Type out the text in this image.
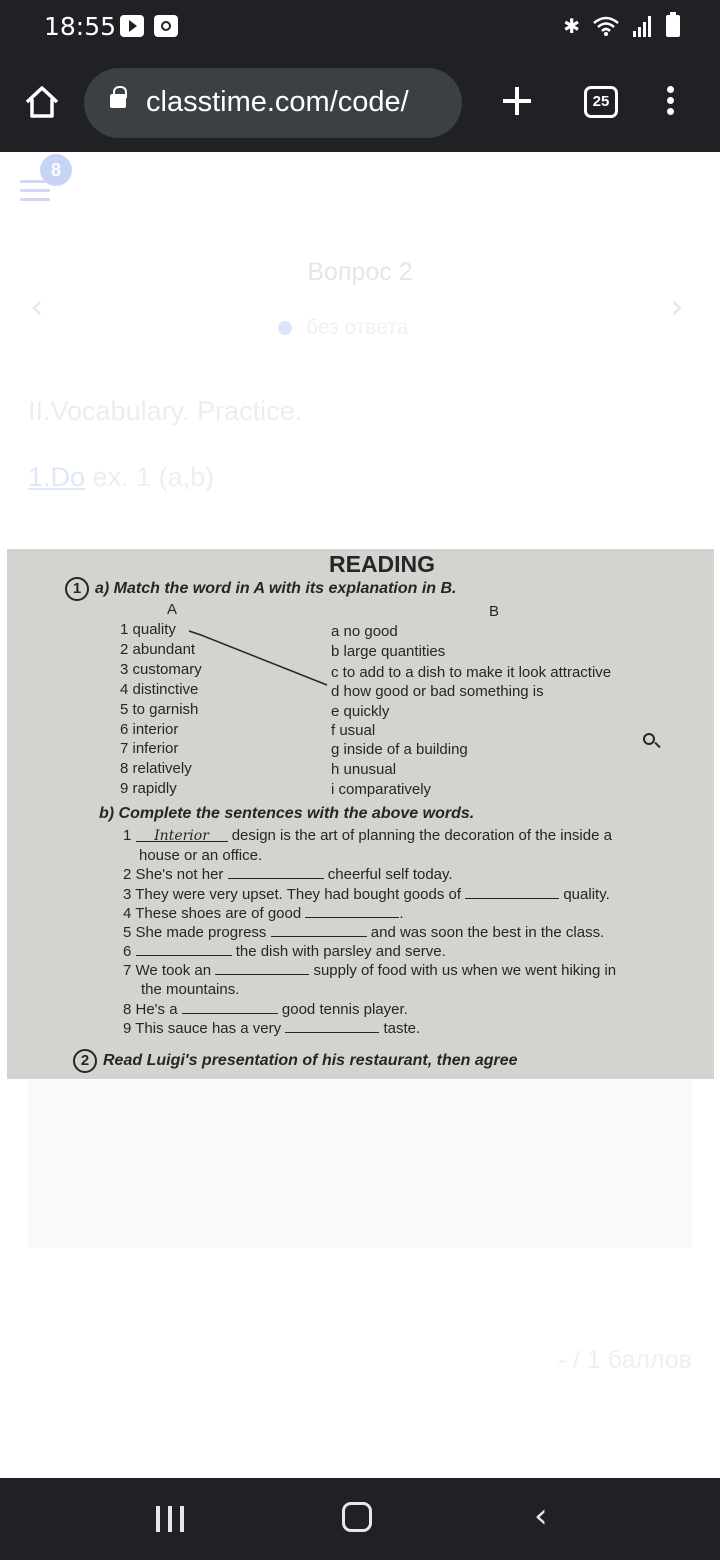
18:55	✱
classtime.com/code/	25
8
Вопрос 2
‹	›
без ответа
II.Vocabulary. Practice.
1.Do ex. 1 (a,b)
READING
1 a) Match the word in A with its explanation in B.
A	B
1 quality
2 abundant
3 customary
4 distinctive
5 to garnish
6 interior
7 inferior
8 relatively
9 rapidly
a no good
b large quantities
c to add to a dish to make it look attractive
d how good or bad something is
e quickly
f usual
g inside of a building
h unusual
i comparatively
b) Complete the sentences with the above words.
1 Interior design is the art of planning the decoration of the inside a
house or an office.
2 She's not her	cheerful self today.
3 They were very upset. They had bought goods of	quality.
4 These shoes are of good	.
5 She made progress	and was soon the best in the class.
6	the dish with parsley and serve.
7 We took an	supply of food with us when we went hiking in
the mountains.
8 He's a	good tennis player.
9 This sauce has a very	taste.
2 Read Luigi's presentation of his restaurant, then agree
- / 1 баллов
‹
